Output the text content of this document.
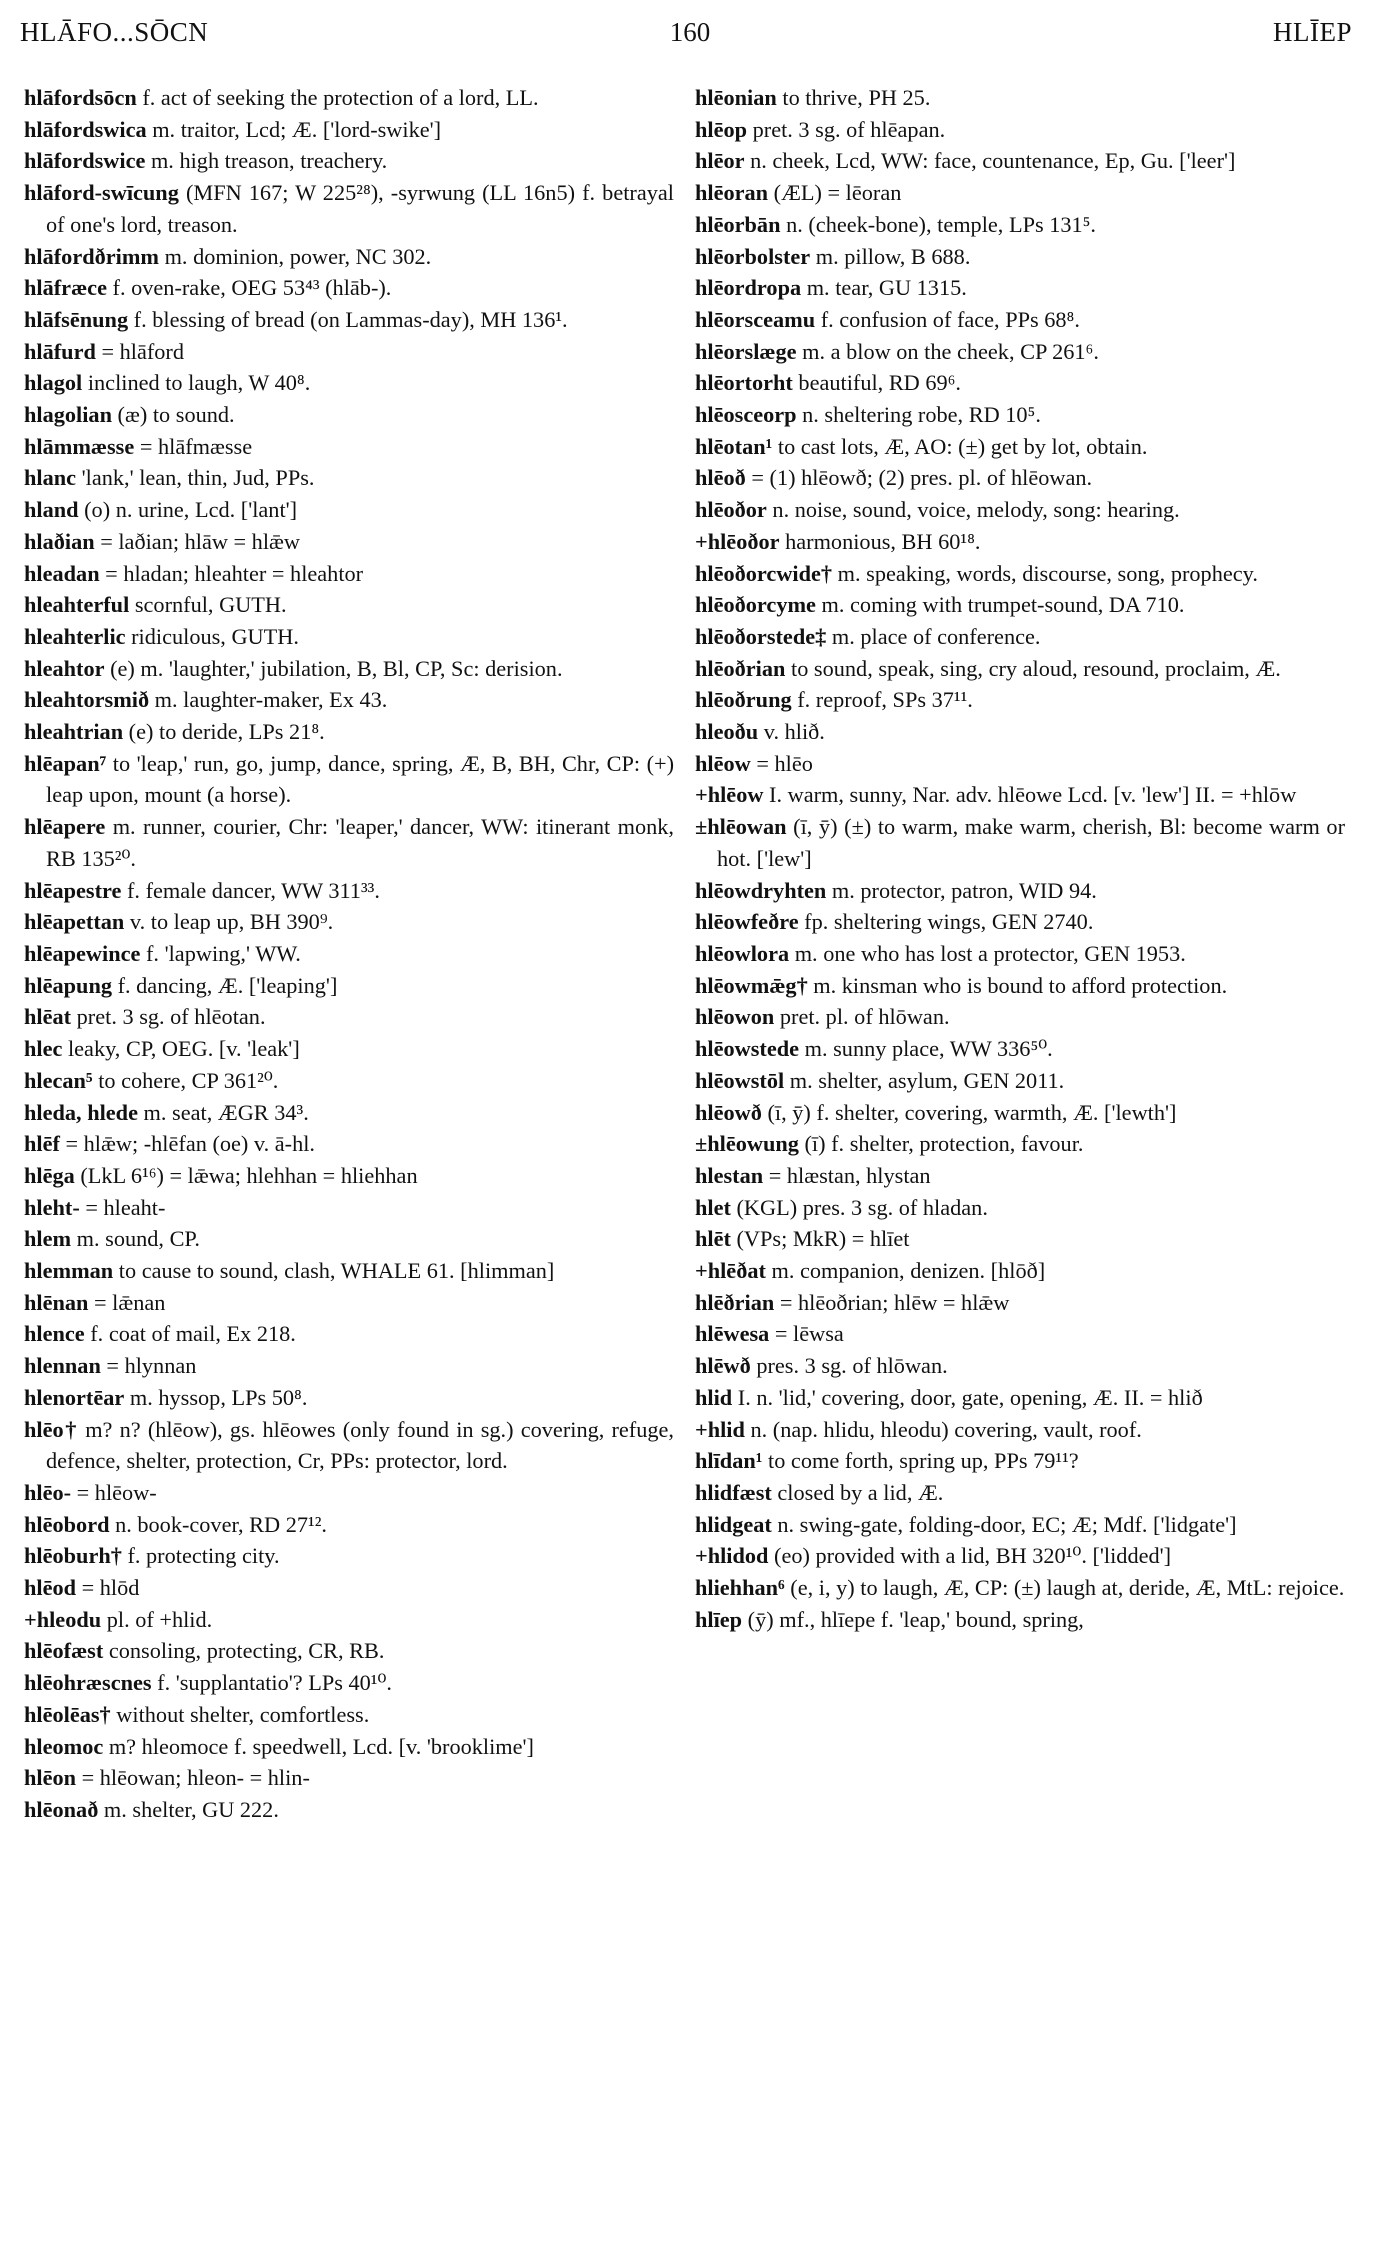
HLĀFO...SŌCN	160	HLĪEP
hlāfordsōcn f. act of seeking the protection of a lord, LL.
hlāfordswica m. traitor, Lcd; Æ. ['lord-swike']
hlāfordswice m. high treason, treachery.
hlāford-swīcung (MFN 167; W 225²⁸), -syrwung (LL 16n5) f. betrayal of one's lord, treason.
hlāfordðrimm m. dominion, power, NC 302.
hlāfræce f. oven-rake, OEG 53⁴³ (hlāb-).
hlāfsēnung f. blessing of bread (on Lammas-day), MH 136¹.
hlāfurd = hlāford
hlagol inclined to laugh, W 40⁸.
hlagolian (æ) to sound.
hlāmmæsse = hlāfmæsse
hlanc 'lank,' lean, thin, Jud, PPs.
hland (o) n. urine, Lcd. ['lant']
hlaðian = laðian; hlāw = hlǣw
hleadan = hladan; hleahter = hleahtor
hleahterful scornful, GUTH.
hleahterlic ridiculous, GUTH.
hleahtor (e) m. 'laughter,' jubilation, B, Bl, CP, Sc: derision.
hleahtorsmið m. laughter-maker, Ex 43.
hleahtrian (e) to deride, LPs 21⁸.
hlēapan⁷ to 'leap,' run, go, jump, dance, spring, Æ, B, BH, Chr, CP: (+) leap upon, mount (a horse).
hlēapere m. runner, courier, Chr: 'leaper,' dancer, WW: itinerant monk, RB 135²⁰.
hlēapestre f. female dancer, WW 311³³.
hlēapettan v. to leap up, BH 390⁹.
hlēapewince f. 'lapwing,' WW.
hlēapung f. dancing, Æ. ['leaping']
hlēat pret. 3 sg. of hlēotan.
hlec leaky, CP, OEG. [v. 'leak']
hlecan⁵ to cohere, CP 361²⁰.
hleda, hlede m. seat, ÆGR 34³.
hlēf = hlǣw; -hlēfan (oe) v. ā-hl.
hlēga (LkL 6¹⁶) = lǣwa; hlehhan = hliehhan
hleht- = hleaht-
hlem m. sound, CP.
hlemman to cause to sound, clash, WHALE 61. [hlimman]
hlēnan = lǣnan
hlence f. coat of mail, Ex 218.
hlennan = hlynnan
hlenortēar m. hyssop, LPs 50⁸.
hlēo† m? n? (hlēow), gs. hlēowes (only found in sg.) covering, refuge, defence, shelter, protection, Cr, PPs: protector, lord.
hlēo- = hlēow-
hlēobord n. book-cover, RD 27¹².
hlēoburh† f. protecting city.
hlēod = hlōd
+hleodu pl. of +hlid.
hlēofæst consoling, protecting, CR, RB.
hlēohræscnes f. 'supplantatio'? LPs 40¹⁰.
hlēolēas† without shelter, comfortless.
hleomoc m? hleomoce f. speedwell, Lcd. [v. 'brooklime']
hlēon = hlēowan; hleon- = hlin-
hlēonað m. shelter, GU 222.
hlēonian to thrive, PH 25.
hlēop pret. 3 sg. of hlēapan.
hlēor n. cheek, Lcd, WW: face, countenance, Ep, Gu. ['leer']
hlēoran (ÆL) = lēoran
hlēorbān n. (cheek-bone), temple, LPs 131⁵.
hlēorbolster m. pillow, B 688.
hlēordropa m. tear, GU 1315.
hlēorsceamu f. confusion of face, PPs 68⁸.
hlēorslæge m. a blow on the cheek, CP 261⁶.
hlēortorht beautiful, RD 69⁶.
hlēosceorp n. sheltering robe, RD 10⁵.
hlēotan¹ to cast lots, Æ, AO: (±) get by lot, obtain.
hlēoð = (1) hlēowð; (2) pres. pl. of hlēowan.
hlēoðor n. noise, sound, voice, melody, song: hearing.
+hlēoðor harmonious, BH 60¹⁸.
hlēoðorcwide† m. speaking, words, discourse, song, prophecy.
hlēoðorcyme m. coming with trumpet-sound, DA 710.
hlēoðorstede‡ m. place of conference.
hlēoðrian to sound, speak, sing, cry aloud, resound, proclaim, Æ.
hlēoðrung f. reproof, SPs 37¹¹.
hleoðu v. hlið.
hlēow = hlēo
+hlēow I. warm, sunny, Nar. adv. hlēowe Lcd. [v. 'lew'] II. = +hlōw
±hlēowan (ī, ȳ) (±) to warm, make warm, cherish, Bl: become warm or hot. ['lew']
hlēowdryhten m. protector, patron, WID 94.
hlēowfeðre fp. sheltering wings, GEN 2740.
hlēowlora m. one who has lost a protector, GEN 1953.
hlēowmǣg† m. kinsman who is bound to afford protection.
hlēowon pret. pl. of hlōwan.
hlēowstede m. sunny place, WW 336⁵⁰.
hlēowstōl m. shelter, asylum, GEN 2011.
hlēowð (ī, ȳ) f. shelter, covering, warmth, Æ. ['lewth']
±hlēowung (ī) f. shelter, protection, favour.
hlestan = hlæstan, hlystan
hlet (KGL) pres. 3 sg. of hladan.
hlēt (VPs; MkR) = hlīet
+hlēðat m. companion, denizen. [hlōð]
hlēðrian = hlēoðrian; hlēw = hlǣw
hlēwesa = lēwsa
hlēwð pres. 3 sg. of hlōwan.
hlid I. n. 'lid,' covering, door, gate, opening, Æ. II. = hlið
+hlid n. (nap. hlidu, hleodu) covering, vault, roof.
hlīdan¹ to come forth, spring up, PPs 79¹¹?
hlidfæst closed by a lid, Æ.
hlidgeat n. swing-gate, folding-door, EC; Æ; Mdf. ['lidgate']
+hlidod (eo) provided with a lid, BH 320¹⁰. ['lidded']
hliehhan⁶ (e, i, y) to laugh, Æ, CP: (±) laugh at, deride, Æ, MtL: rejoice.
hlīep (ȳ) mf., hlīepe f. 'leap,' bound, spring,
